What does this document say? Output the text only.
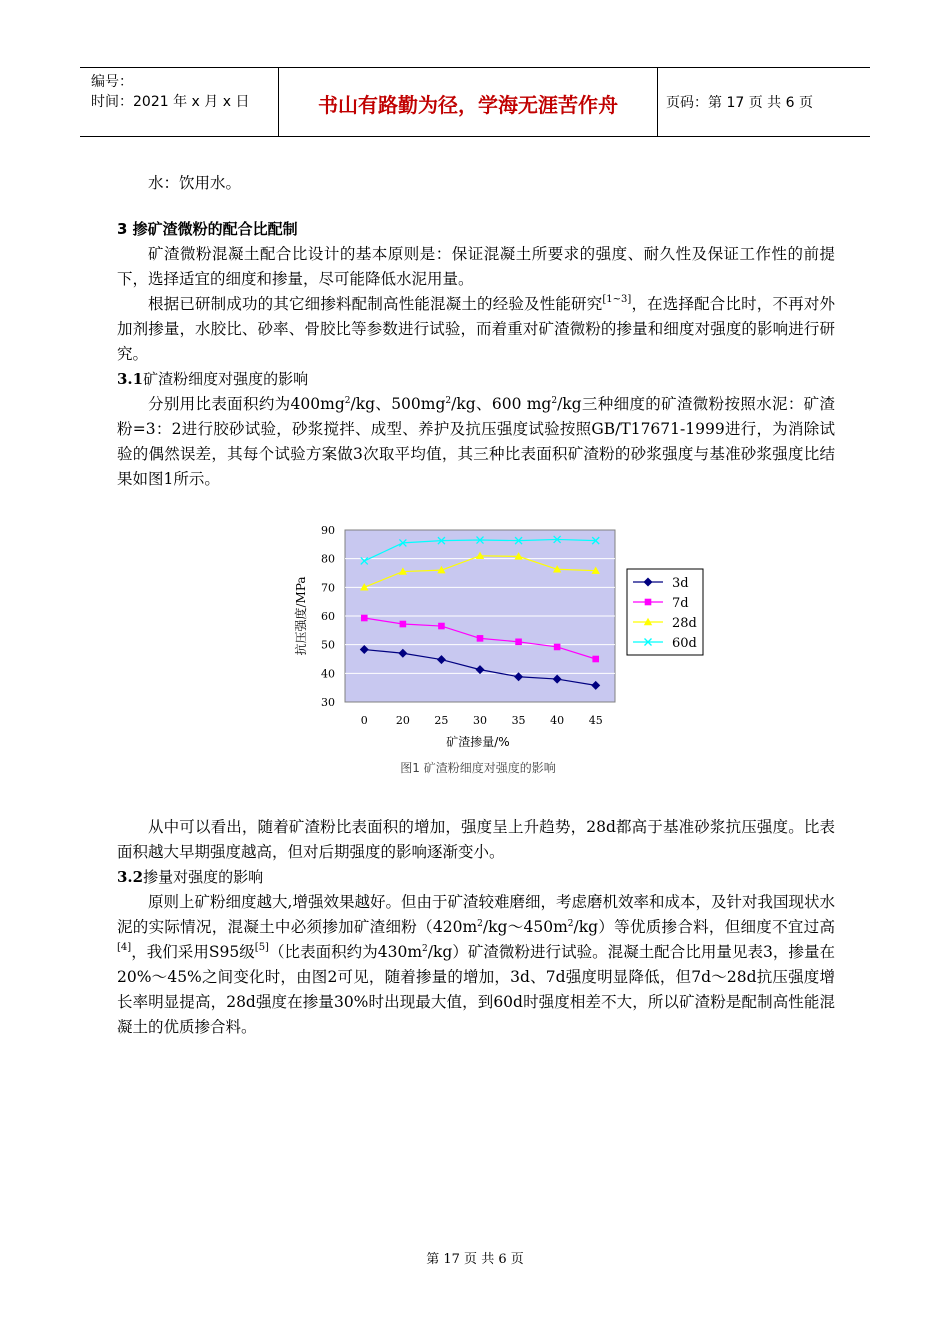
编号：
时间：2021 年 x 月 x 日	书山有路勤为径，学海无涯苦作舟	页码：第 17 页 共 6 页

水：饮用水。

3 掺矿渣微粉的配合比配制

矿渣微粉混凝土配合比设计的基本原则是：保证混凝土所要求的强度、耐久性及保证工作性的前提下，选择适宜的细度和掺量，尽可能降低水泥用量。

根据已研制成功的其它细掺料配制高性能混凝土的经验及性能研究[1~3]，在选择配合比时，不再对外加剂掺量，水胶比、砂率、骨胶比等参数进行试验，而着重对矿渣微粉的掺量和细度对强度的影响进行研究。

3.1矿渣粉细度对强度的影响

分别用比表面积约为$400mg^2/kg$、$500mg^2/kg$、600 $mg^2/kg$三种细度的矿渣微粉按照水泥：矿渣粉=3：2进行胶砂试验，砂浆搅拌、成型、养护及抗压强度试验按照GB/T17671-1999进行，为消除试验的偶然误差，其每个试验方案做3次取平均值，其三种比表面积矿渣粉的砂浆强度与基准砂浆强度比结果如图1所示。

30
40
50
60
70
80
90
0	20 25 30 35 40 45
抗压强度/MPa
矿渣掺量/%
3d
7d
28d
60d
图1 矿渣粉细度对强度的影响

从中可以看出，随着矿渣粉比表面积的增加，强度呈上升趋势，28d都高于基准砂浆抗压强度。比表面积越大早期强度越高，但对后期强度的影响逐渐变小。

3.2掺量对强度的影响

原则上矿粉细度越大,增强效果越好。但由于矿渣较难磨细，考虑磨机效率和成本，及针对我国现状水泥的实际情况，混凝土中必须掺加矿渣细粉$(420m^2/kg\sim 450m^2/kg)$等优质掺合料，但细度不宜过高[4]，我们采用S95级[5]（比表面积约为$430m^2/kg$）矿渣微粉进行试验。混凝土配合比用量见表3，掺量在20%～45%之间变化时，由图2可见，随着掺量的增加，3d、7d强度明显降低，但7d～28d抗压强度增长率明显提高，28d强度在掺量30%时出现最大值，到60d时强度相差不大，所以矿渣粉是配制高性能混凝土的优质掺合料。

第 17 页 共 6 页
